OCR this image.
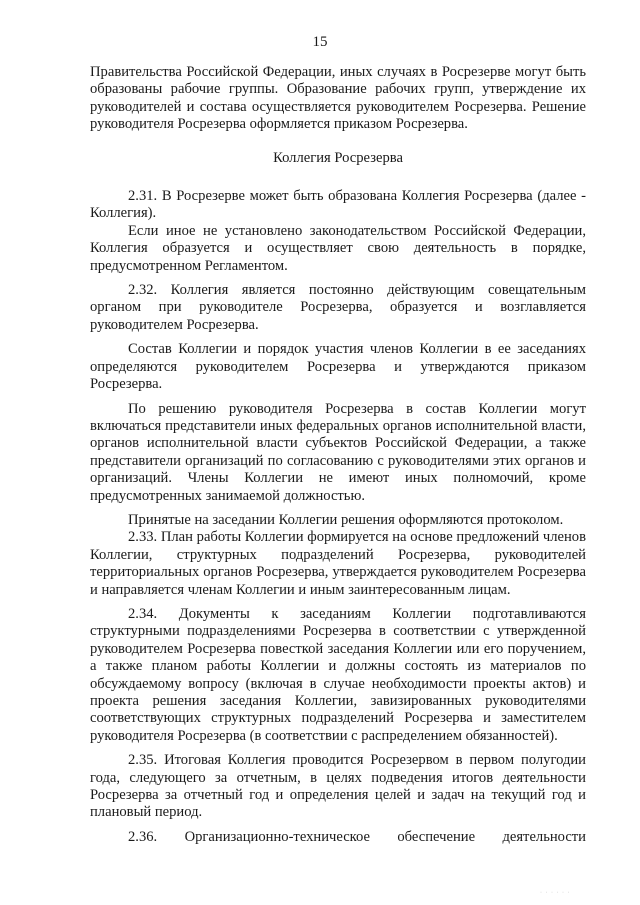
15

Правительства Российской Федерации, иных случаях в Росрезерве могут быть образованы рабочие группы. Образование рабочих групп, утверждение их руководителей и состава осуществляется руководителем Росрезерва. Решение руководителя Росрезерва оформляется приказом Росрезерва.

Коллегия Росрезерва

2.31. В Росрезерве может быть образована Коллегия Росрезерва (далее - Коллегия).

Если иное не установлено законодательством Российской Федерации, Коллегия образуется и осуществляет свою деятельность в порядке, предусмотренном Регламентом.

2.32. Коллегия является постоянно действующим совещательным органом при руководителе Росрезерва, образуется и возглавляется руководителем Росрезерва.

Состав Коллегии и порядок участия членов Коллегии в ее заседаниях определяются руководителем Росрезерва и утверждаются приказом Росрезерва.

По решению руководителя Росрезерва в состав Коллегии могут включаться представители иных федеральных органов исполнительной власти, органов исполнительной власти субъектов Российской Федерации, а также представители организаций по согласованию с руководителями этих органов и организаций. Члены Коллегии не имеют иных полномочий, кроме предусмотренных занимаемой должностью.

Принятые на заседании Коллегии решения оформляются протоколом.

2.33. План работы Коллегии формируется на основе предложений членов Коллегии, структурных подразделений Росрезерва, руководителей территориальных органов Росрезерва, утверждается руководителем Росрезерва и направляется членам Коллегии и иным заинтересованным лицам.

2.34. Документы к заседаниям Коллегии подготавливаются структурными подразделениями Росрезерва в соответствии с утвержденной руководителем Росрезерва повесткой заседания Коллегии или его поручением, а также планом работы Коллегии и должны состоять из материалов по обсуждаемому вопросу (включая в случае необходимости проекты актов) и проекта решения заседания Коллегии, завизированных руководителями соответствующих структурных подразделений Росрезерва и заместителем руководителя Росрезерва (в соответствии с распределением обязанностей).

2.35. Итоговая Коллегия проводится Росрезервом в первом полугодии года, следующего за отчетным, в целях подведения итогов деятельности Росрезерва за отчетный год и определения целей и задач на текущий год и плановый период.

2.36. Организационно-техническое обеспечение деятельности

· · · · · ·
